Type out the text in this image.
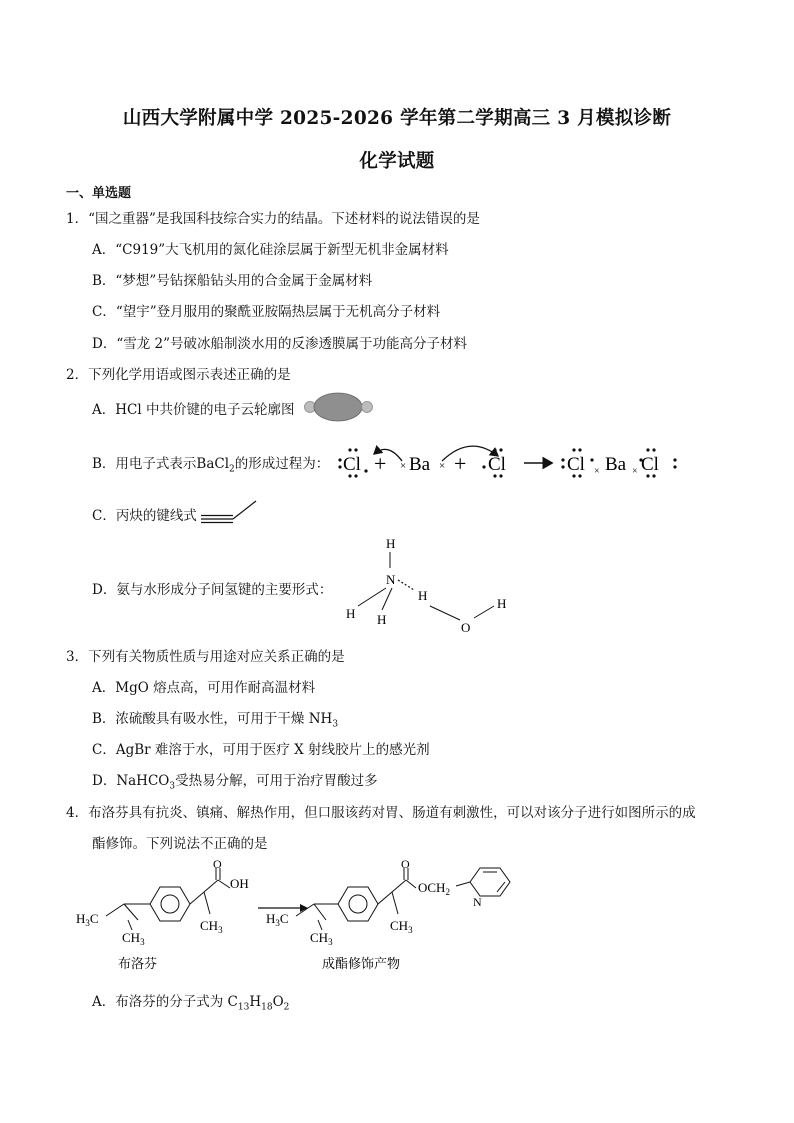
山西大学附属中学 2025-2026 学年第二学期高三 3 月模拟诊断
化学试题
一、单选题
1．“国之重器”是我国科技综合实力的结晶。下述材料的说法错误的是
A．“C919”大飞机用的氮化硅涂层属于新型无机非金属材料
B．“梦想”号钻探船钻头用的合金属于金属材料
C．“望宇”登月服用的聚酰亚胺隔热层属于无机高分子材料
D．“雪龙 2”号破冰船制淡水用的反渗透膜属于功能高分子材料
2．下列化学用语或图示表述正确的是
A．HCl 中共价键的电子云轮廓图
B．用电子式表示BaCl$_2$的形成过程为： Cl + × Ba × + Cl	Cl × Ba × Cl
C．丙炔的键线式
D．氨与水形成分子间氢键的主要形式：
H
N
H H
H
O
H
3．下列有关物质性质与用途对应关系正确的是
A．MgO 熔点高，可用作耐高温材料
B．浓硫酸具有吸水性，可用于干燥 $NH_3$
C．AgBr 难溶于水，可用于医疗 X 射线胶片上的感光剂
D．NaHCO$_3$受热易分解，可用于治疗胃酸过多
4．布洛芬具有抗炎、镇痛、解热作用，但口服该药对胃、肠道有刺激性，可以对该分子进行如图所示的成
酯修饰。下列说法不正确的是
$H_3C$
$CH_3$
$CH_3$
O
OH
$H_3C$
$CH_3$
$CH_3$
O
$OCH_2$
N
布洛芬	成酯修饰产物
A．布洛芬的分子式为 $C_{13}H_{18}O_2$
